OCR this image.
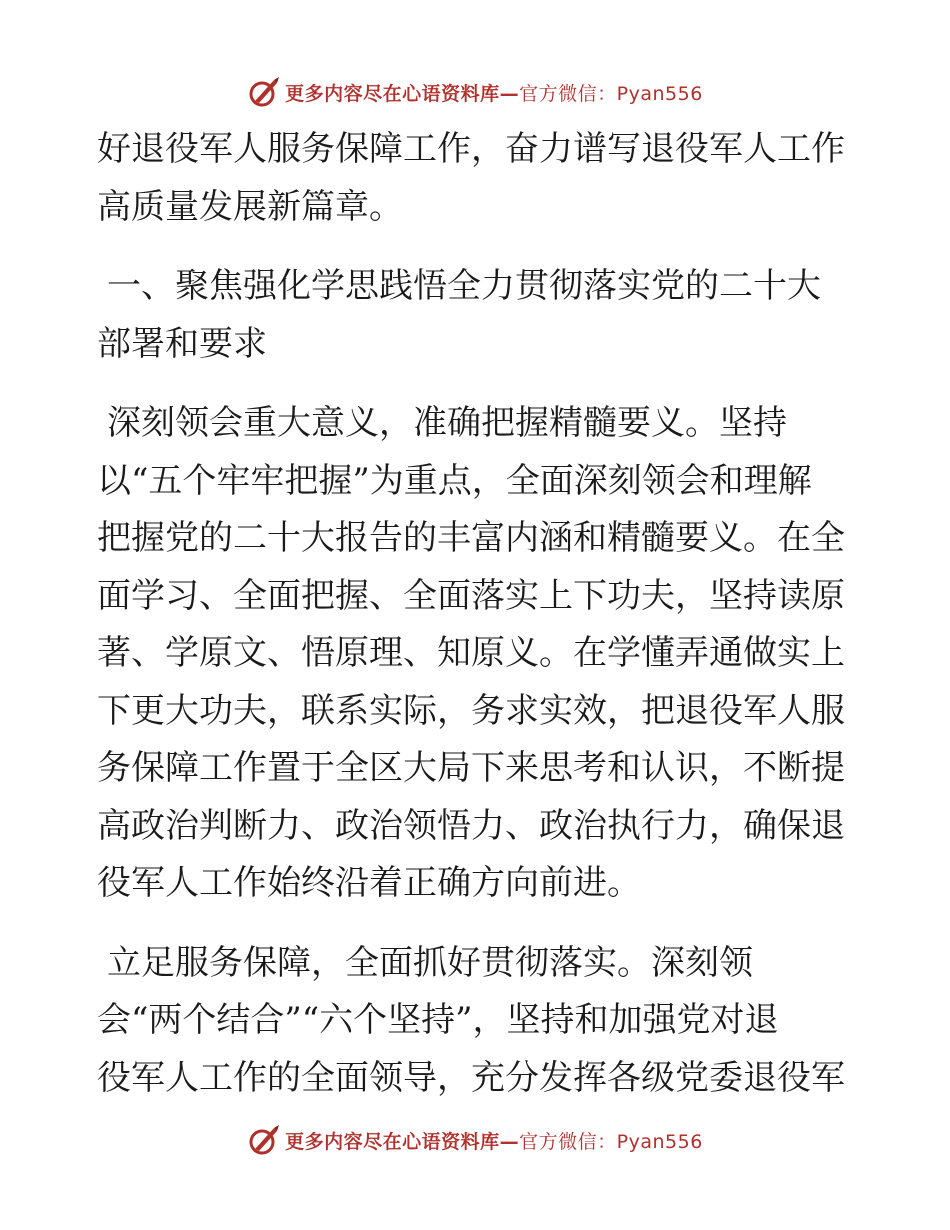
更多内容尽在心语资料库— 官方微信：Pyan556

好退役军人服务保障工作，奋力谱写退役军人工作

高质量发展新篇章。

一、聚焦强化学思践悟全力贯彻落实党的二十大

部署和要求

深刻领会重大意义，准确把握精髓要义。坚持

以“五个牢牢把握”为重点，全面深刻领会和理解

把握党的二十大报告的丰富内涵和精髓要义。在全

面学习、全面把握、全面落实上下功夫，坚持读原

著、学原文、悟原理、知原义。在学懂弄通做实上

下更大功夫，联系实际，务求实效，把退役军人服

务保障工作置于全区大局下来思考和认识，不断提

高政治判断力、政治领悟力、政治执行力，确保退

役军人工作始终沿着正确方向前进。

立足服务保障，全面抓好贯彻落实。深刻领

会“两个结合”“六个坚持”，坚持和加强党对退

役军人工作的全面领导，充分发挥各级党委退役军

更多内容尽在心语资料库— 官方微信：Pyan556
